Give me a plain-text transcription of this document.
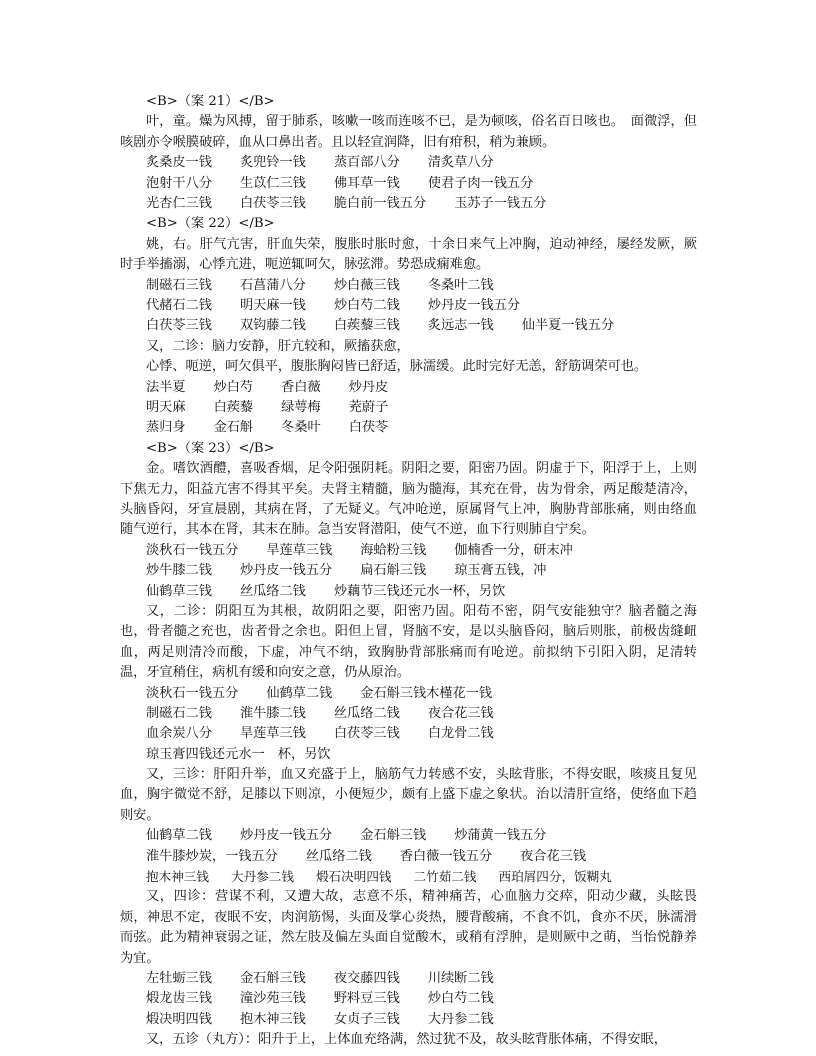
<B>（案 21）</B>
叶，童。燥为风搏，留于肺系，咳嗽一咳而连咳不已，是为顿咳，俗名百日咳也。　面微浮，但咳剧亦令喉膜破碎，血从口鼻出者。且以轻宣润降，旧有疳积，稍为兼顾。
炙桑皮一钱 炙兜铃一钱 蒸百部八分 清炙草八分
泡射干八分 生苡仁三钱 佛耳草一钱 使君子肉一钱五分
光杏仁三钱 白茯苓三钱 脆白前一钱五分 玉苏子一钱五分
<B>（案 22）</B>
姚，右。肝气亢害，肝血失荣，腹胀时胀时愈，十余日来气上冲胸，迫动神经，屡经发厥，厥时手举搐溺，心悸亢进，呃逆辄呵欠，脉弦滞。势恐成痫难愈。
制磁石三钱 石菖蒲八分 炒白薇三钱 冬桑叶二钱
代赭石二钱 明天麻一钱 炒白芍二钱 炒丹皮一钱五分
白茯苓三钱 双钩藤二钱 白蒺藜三钱 炙远志一钱 仙半夏一钱五分
又，二诊：脑力安静，肝亢较和，厥搐获愈，
心悸、呃逆，呵欠俱平，腹胀胸闷皆已舒适，脉濡缓。此时完好无恙，舒筋调荣可也。
法半夏 炒白芍 香白薇 炒丹皮
明天麻 白蒺藜 绿萼梅 茺蔚子
蒸归身 金石斛 冬桑叶 白茯苓
<B>（案 23）</B>
金。嗜饮酒醴，喜吸香烟，足令阳强阴耗。阴阳之要，阳密乃固。阴虚于下，阳浮于上，上则下焦无力，阳益亢害不得其平矣。夫肾主精髓，脑为髓海，其充在骨，齿为骨余，两足酸楚清冷，头脑昏闷，牙宣晨剧，其病在肾，了无疑义。气冲呛逆，原属肾气上冲，胸胁背部胀痛，则由络血随气逆行，其本在肾，其末在肺。急当安肾潜阳，使气不逆，血下行则肺自宁矣。
淡秋石一钱五分 旱莲草三钱 海蛤粉三钱 伽楠香一分，研末冲
炒牛膝二钱 炒丹皮一钱五分 扁石斛三钱 琼玉膏五钱，冲
仙鹤草三钱 丝瓜络二钱 炒藕节三钱还元水一杯，另饮
又，二诊：阴阳互为其根，故阴阳之要，阳密乃固。阳苟不密，阴气安能独守？脑者髓之海也，骨者髓之充也，齿者骨之余也。阳但上冒，肾脑不安，是以头脑昏闷，脑后则胀，前极齿缝衄血，两足则清冷而酸，下虚，冲气不纳，致胸胁背部胀痛而有呛逆。前拟纳下引阳入阴，足清转温，牙宣稍住，病机有缓和向安之意，仍从原治。
淡秋石一钱五分 仙鹤草二钱 金石斛三钱木槿花一钱
制磁石二钱 淮牛膝二钱 丝瓜络二钱 夜合花三钱
血余炭八分 旱莲草三钱 白茯苓三钱 白龙骨二钱
琼玉膏四钱还元水一　杯，另饮
又，三诊：肝阳升举，血又充盛于上，脑筋气力转感不安，头眩背胀，不得安眠，咳痰且复见血，胸宇微觉不舒，足膝以下则凉，小便短少，颇有上盛下虚之象状。治以清肝宣络，使络血下趋则安。
仙鹤草二钱 炒丹皮一钱五分 金石斛三钱 炒蒲黄一钱五分
淮牛膝炒炭，一钱五分 丝瓜络二钱 香白薇一钱五分 夜合花三钱
抱木神三钱 大丹参二钱 煅石决明四钱 二竹茹二钱 西珀屑四分，饭糊丸
又，四诊：营谋不利，又遭大故，志意不乐，精神痛苦，心血脑力交瘁，阳动少藏，头眩畏烦，神思不定，夜眠不安，肉润筋惕，头面及掌心炎热，腰背酸痛，不食不饥，食亦不厌，脉濡滑而弦。此为精神衰弱之证，然左肢及偏左头面自觉酸木，或稍有浮肿，是则厥中之萌，当怡悦静养为宜。
左牡蛎三钱 金石斛三钱 夜交藤四钱 川续断二钱
煅龙齿三钱 潼沙苑三钱 野料豆三钱 炒白芍二钱
煅决明四钱 抱木神三钱 女贞子三钱 大丹参二钱
又，五诊（丸方）：阳升于上，上体血充络满，然过犹不及，故头眩背胀体痛，不得安眠，
